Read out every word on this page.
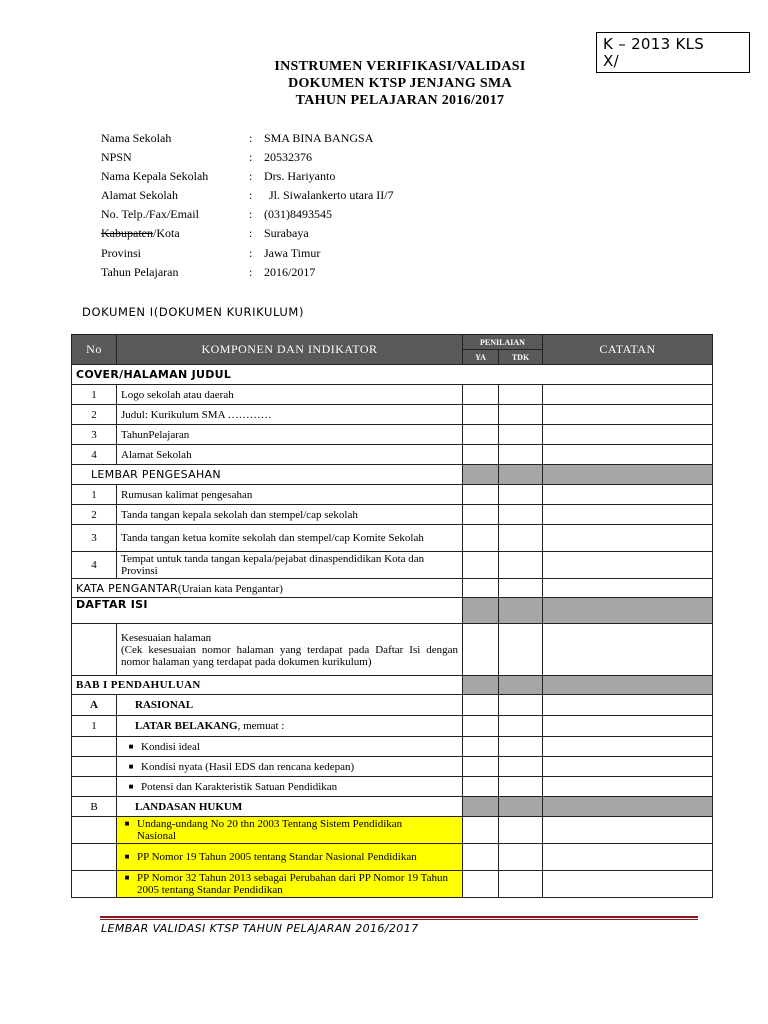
K – 2013 KLS
X/
INSTRUMEN VERIFIKASI/VALIDASI
DOKUMEN KTSP JENJANG SMA
TAHUN PELAJARAN 2016/2017
Nama Sekolah	: SMA BINA BANGSA
NPSN	: 20532376
Nama Kepala Sekolah	: Drs. Hariyanto
Alamat Sekolah	: Jl. Siwalankerto utara II/7
No. Telp./Fax/Email	: (031)8493545
Kabupaten/Kota	: Surabaya
Provinsi	: Jawa Timur
Tahun Pelajaran	: 2016/2017
DOKUMEN I(DOKUMEN KURIKULUM)
No	KOMPONEN DAN INDIKATOR	PENILAIAN		CATATAN
		YA	TDK	
COVER/HALAMAN JUDUL				
1	Logo sekolah atau daerah			
2	Judul: Kurikulum SMA …………			
3	TahunPelajaran			
4	Alamat Sekolah			
LEMBAR PENGESAHAN				
1	Rumusan kalimat pengesahan			
2	Tanda tangan kepala sekolah dan stempel/cap sekolah			
3	Tanda tangan ketua komite sekolah dan stempel/cap Komite Sekolah			
4	Tempat untuk tanda tangan kepala/pejabat dinaspendidikan Kota dan Provinsi			
KATA PENGANTAR(Uraian kata Pengantar)				
DAFTAR ISI				

	Kesesuaian halaman
(Cek kesesuaian nomor halaman yang terdapat pada Daftar Isi dengan nomor halaman yang terdapat pada dokumen kurikulum)			

BAB I PENDAHULUAN				
A	RASIONAL			
1	LATAR BELAKANG, memuat :			
	■ Kondisi ideal			
	■ Kondisi nyata (Hasil EDS dan rencana kedepan)			
	■ Potensi dan Karakteristik Satuan Pendidikan			
B	LANDASAN HUKUM			
	■ Undang-undang No 20 thn 2003 Tentang Sistem Pendidikan Nasional			
	■ PP Nomor 19 Tahun 2005 tentang Standar Nasional Pendidikan			
	■ PP Nomor 32 Tahun 2013 sebagai Perubahan dari PP Nomor 19 Tahun 2005 tentang Standar Pendidikan			
LEMBAR VALIDASI KTSP TAHUN PELAJARAN 2016/2017
